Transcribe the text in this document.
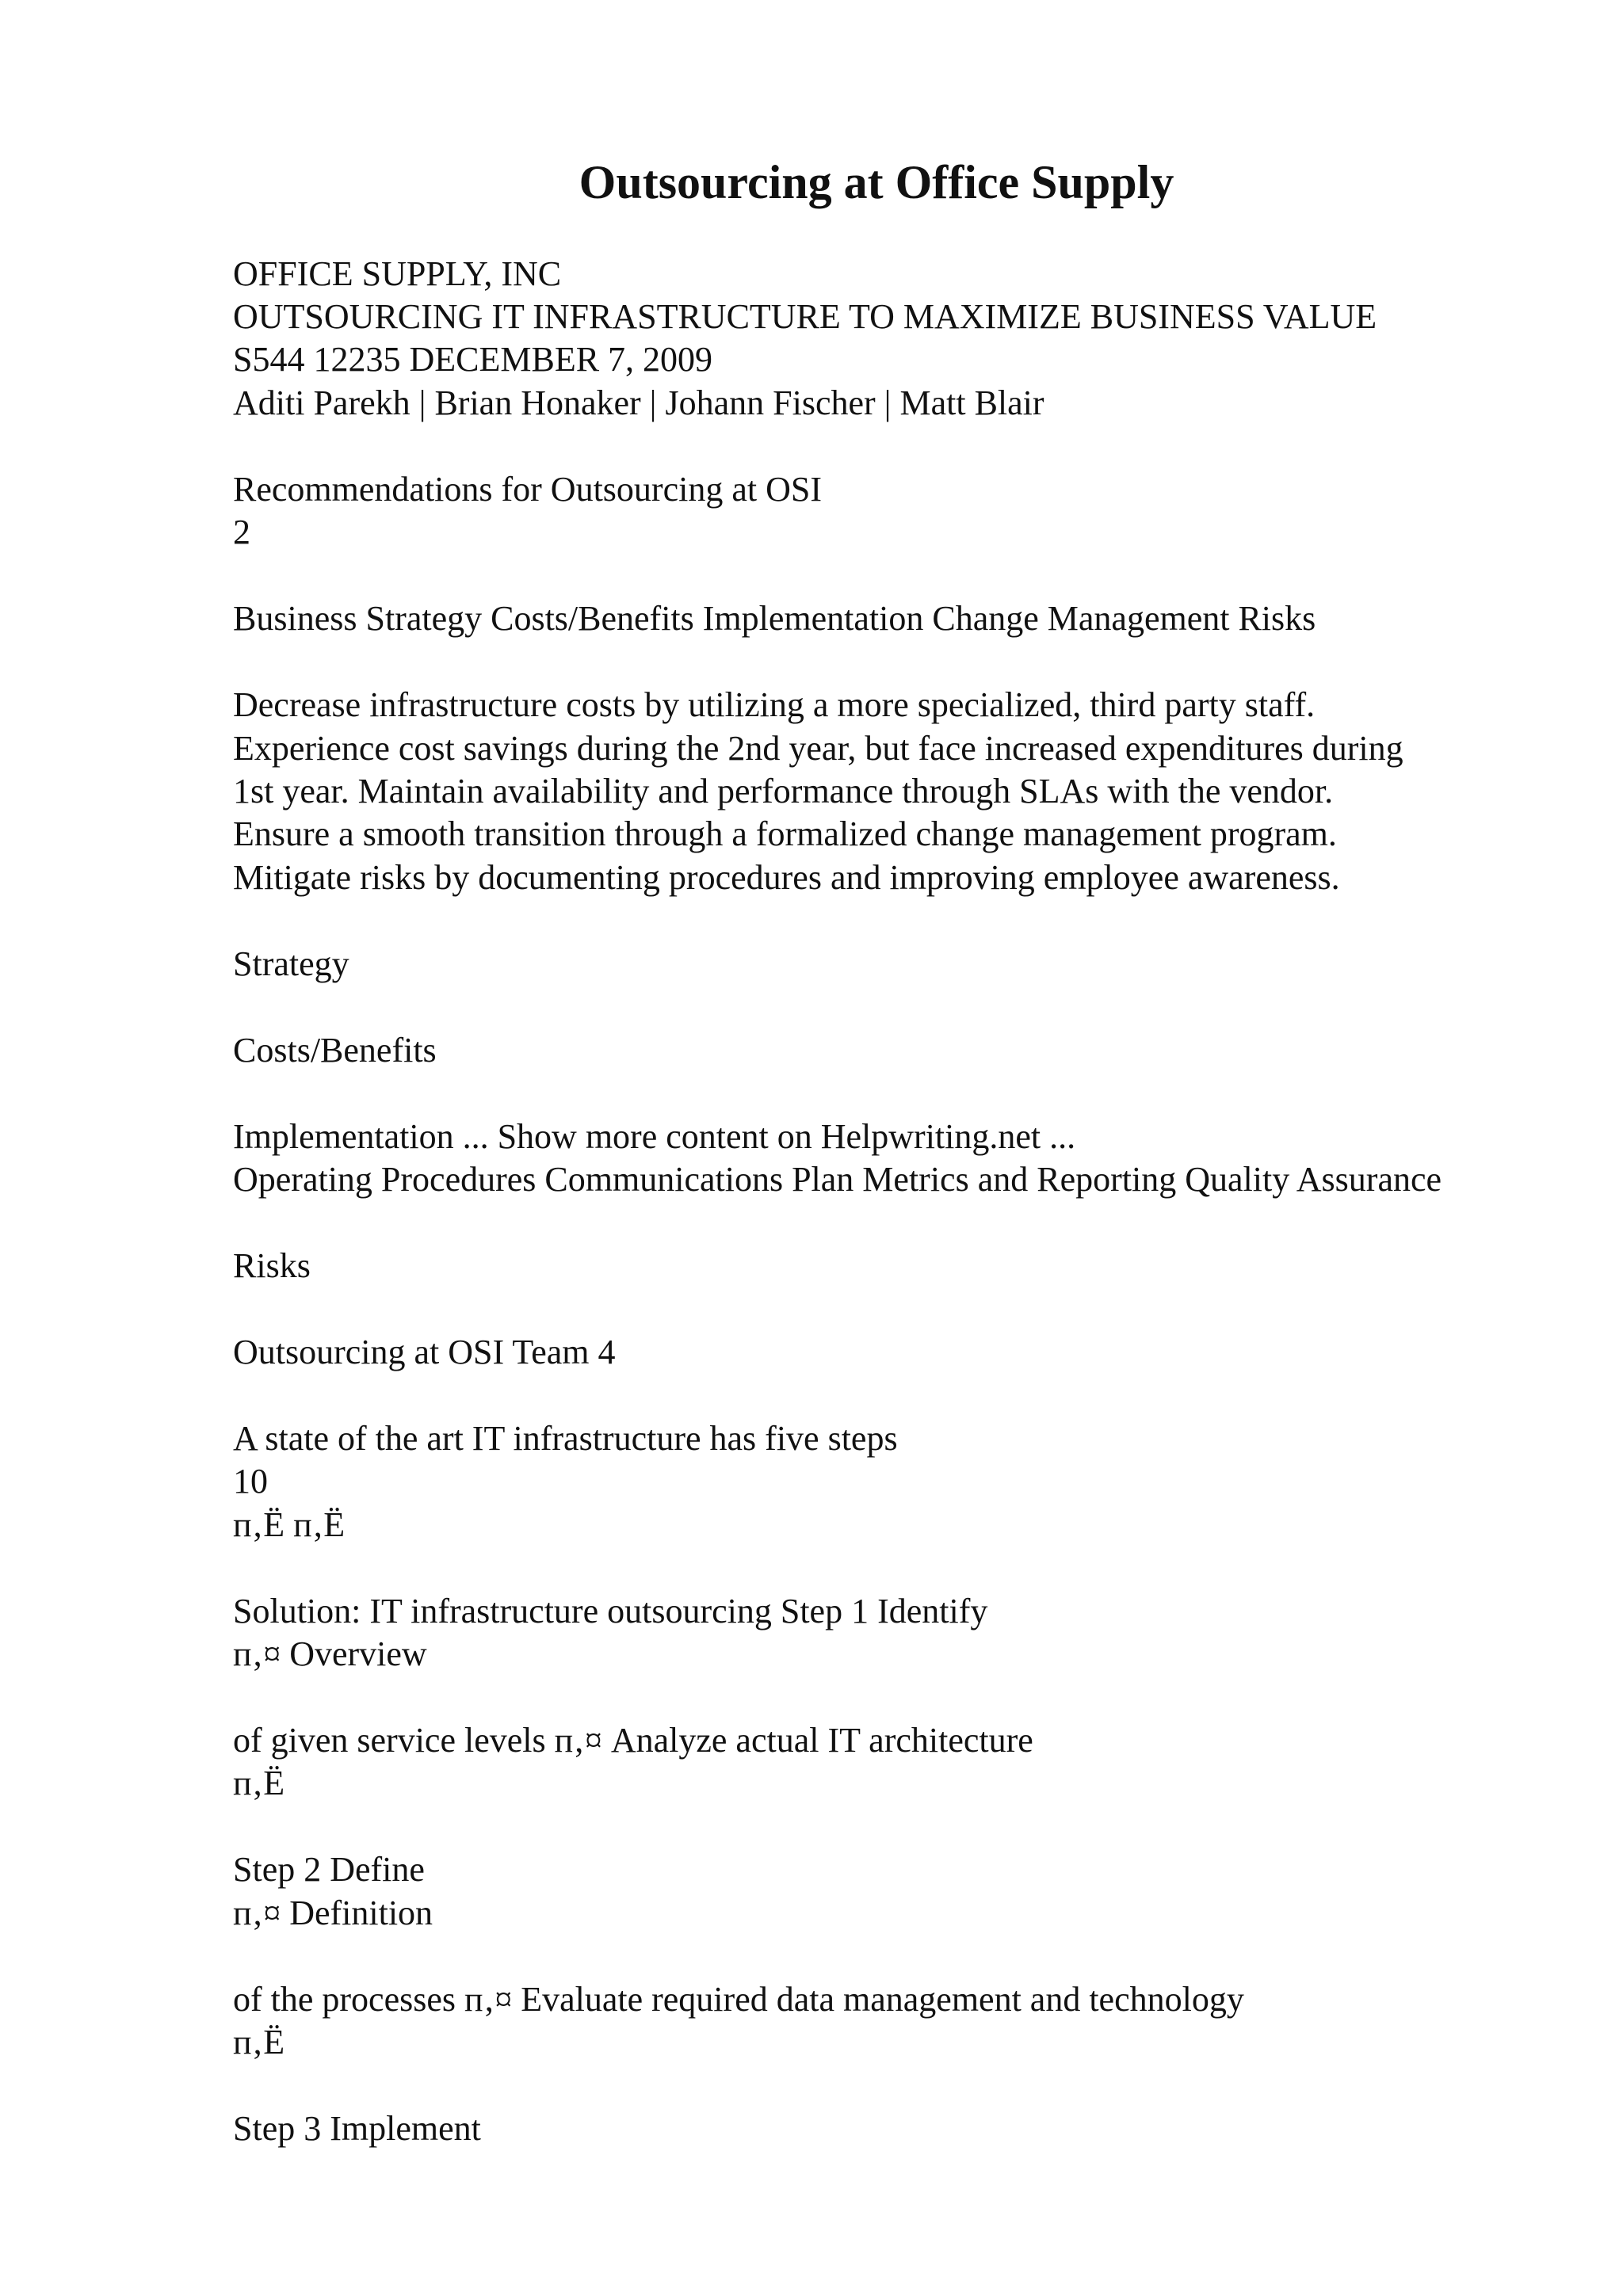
Outsourcing at Office Supply
OFFICE SUPPLY, INC
OUTSOURCING IT INFRASTRUCTURE TO MAXIMIZE BUSINESS VALUE
S544 12235 DECEMBER 7, 2009
Aditi Parekh | Brian Honaker | Johann Fischer | Matt Blair
Recommendations for Outsourcing at OSI
2
Business Strategy Costs/Benefits Implementation Change Management Risks
Decrease infrastructure costs by utilizing a more specialized, third party staff.
Experience cost savings during the 2nd year, but face increased expenditures during
1st year. Maintain availability and performance through SLAs with the vendor.
Ensure a smooth transition through a formalized change management program.
Mitigate risks by documenting procedures and improving employee awareness.
Strategy
Costs/Benefits
Implementation ... Show more content on Helpwriting.net ...
Operating Procedures Communications Plan Metrics and Reporting Quality Assurance
Risks
Outsourcing at OSI Team 4
A state of the art IT infrastructure has five steps
10
п‚Ё п‚Ё
Solution: IT infrastructure outsourcing Step 1 Identify
п‚¤ Overview
of given service levels п‚¤ Analyze actual IT architecture
п‚Ё
Step 2 Define
п‚¤ Definition
of the processes п‚¤ Evaluate required data management and technology
п‚Ё
Step 3 Implement
